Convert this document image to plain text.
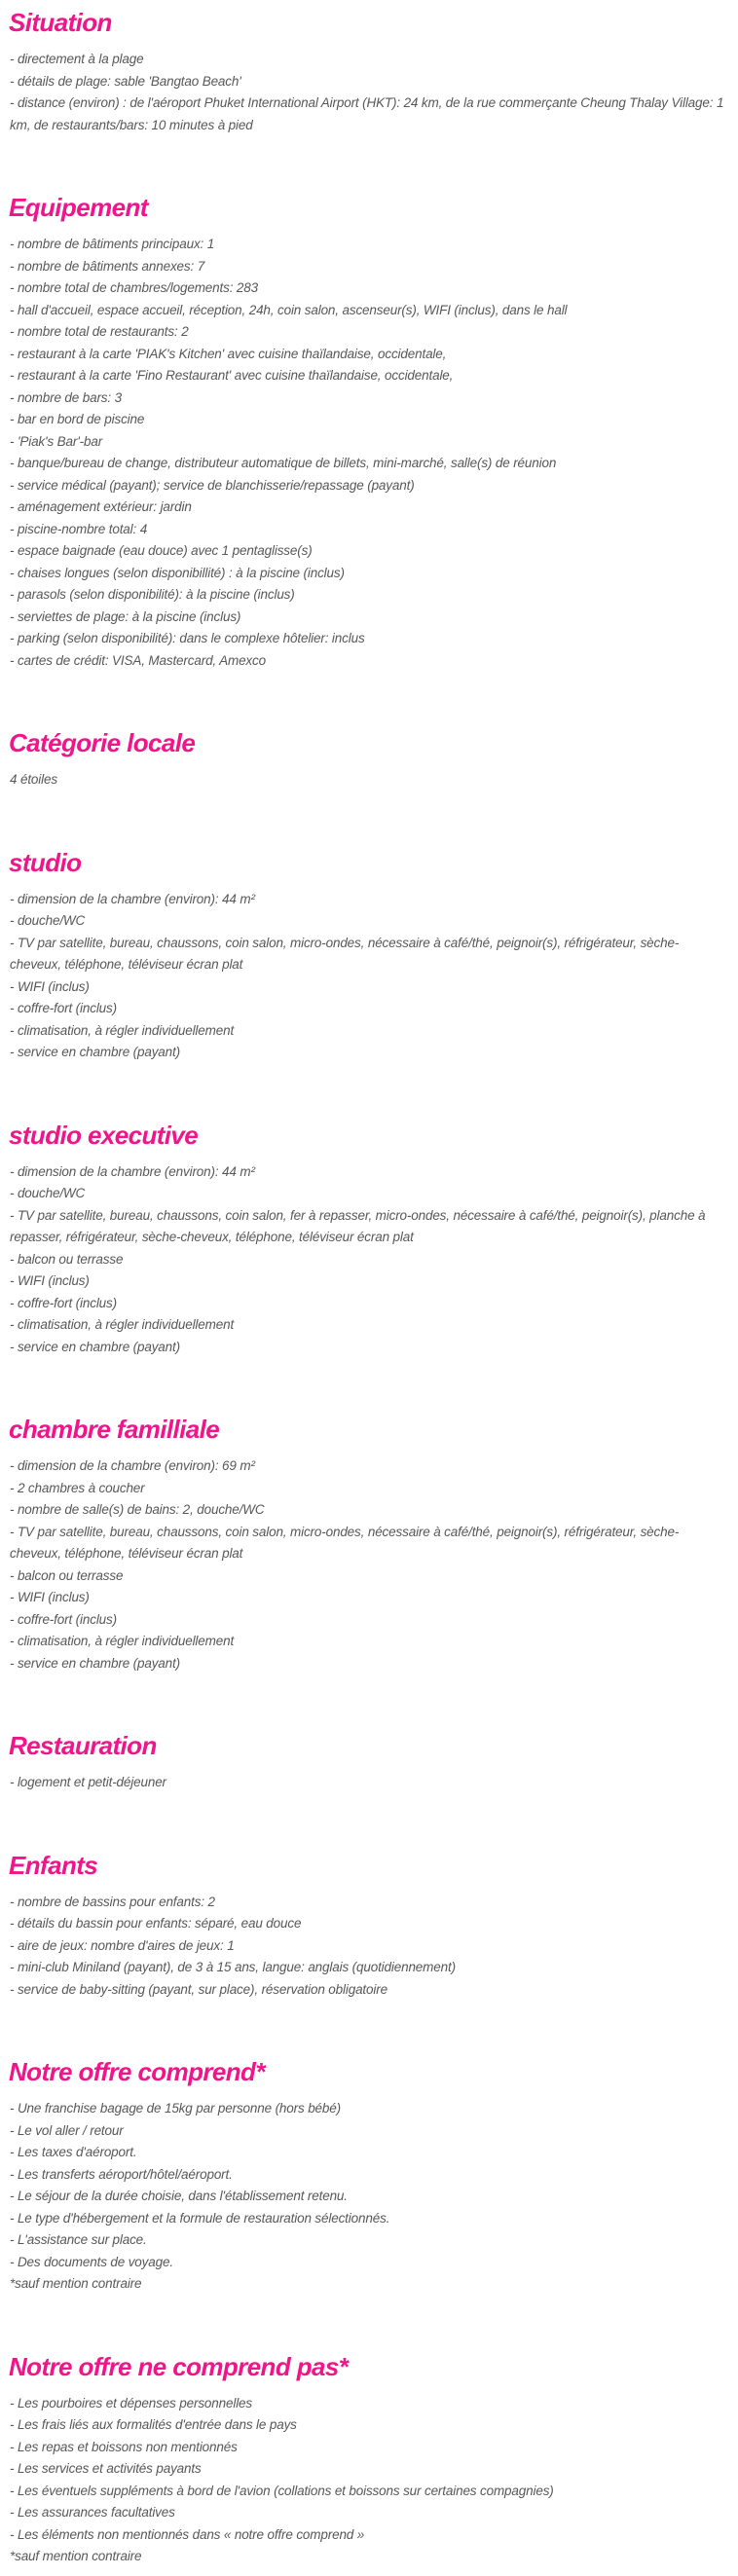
Situation

- directement à la plage

- détails de plage: sable 'Bangtao Beach'

- distance (environ) : de l'aéroport Phuket International Airport (HKT): 24 km, de la rue commerçante Cheung Thalay Village: 1 km, de restaurants/bars: 10 minutes à pied

Equipement

- nombre de bâtiments principaux: 1

- nombre de bâtiments annexes: 7

- nombre total de chambres/logements: 283

- hall d'accueil, espace accueil, réception, 24h, coin salon, ascenseur(s), WIFI (inclus), dans le hall

- nombre total de restaurants: 2

- restaurant à la carte 'PIAK's Kitchen' avec cuisine thaïlandaise, occidentale,

- restaurant à la carte 'Fino Restaurant' avec cuisine thaïlandaise, occidentale,

- nombre de bars: 3

- bar en bord de piscine

- 'Piak's Bar'-bar

- banque/bureau de change, distributeur automatique de billets, mini-marché, salle(s) de réunion

- service médical (payant); service de blanchisserie/repassage (payant)

- aménagement extérieur: jardin

- piscine-nombre total: 4

- espace baignade (eau douce) avec 1 pentaglisse(s)

- chaises longues (selon disponibillité) : à la piscine (inclus)

- parasols (selon disponibilité): à la piscine (inclus)

- serviettes de plage: à la piscine (inclus)

- parking (selon disponibilité): dans le complexe hôtelier: inclus

- cartes de crédit: VISA, Mastercard, Amexco

Catégorie locale

4 étoiles

studio

- dimension de la chambre (environ): 44 m²

- douche/WC

- TV par satellite, bureau, chaussons, coin salon, micro-ondes, nécessaire à café/thé, peignoir(s), réfrigérateur, sèche-cheveux, téléphone, téléviseur écran plat

- WIFI (inclus)

- coffre-fort (inclus)

- climatisation, à régler individuellement

- service en chambre (payant)

studio executive

- dimension de la chambre (environ): 44 m²

- douche/WC

- TV par satellite, bureau, chaussons, coin salon, fer à repasser, micro-ondes, nécessaire à café/thé, peignoir(s), planche à repasser, réfrigérateur, sèche-cheveux, téléphone, téléviseur écran plat

- balcon ou terrasse

- WIFI (inclus)

- coffre-fort (inclus)

- climatisation, à régler individuellement

- service en chambre (payant)

chambre familliale

- dimension de la chambre (environ): 69 m²

- 2 chambres à coucher

- nombre de salle(s) de bains: 2, douche/WC

- TV par satellite, bureau, chaussons, coin salon, micro-ondes, nécessaire à café/thé, peignoir(s), réfrigérateur, sèche-cheveux, téléphone, téléviseur écran plat

- balcon ou terrasse

- WIFI (inclus)

- coffre-fort (inclus)

- climatisation, à régler individuellement

- service en chambre (payant)

Restauration

- logement et petit-déjeuner

Enfants

- nombre de bassins pour enfants: 2

- détails du bassin pour enfants: séparé, eau douce

- aire de jeux: nombre d'aires de jeux: 1

- mini-club Miniland (payant), de 3 à 15 ans, langue: anglais (quotidiennement)

- service de baby-sitting (payant, sur place), réservation obligatoire

Notre offre comprend*

- Une franchise bagage de 15kg par personne (hors bébé)

- Le vol aller / retour

- Les taxes d'aéroport.

- Les transferts aéroport/hôtel/aéroport.

- Le séjour de la durée choisie, dans l'établissement retenu.

- Le type d'hébergement et la formule de restauration sélectionnés.

- L'assistance sur place.

- Des documents de voyage.

*sauf mention contraire

Notre offre ne comprend pas*

- Les pourboires et dépenses personnelles

- Les frais liés aux formalités d'entrée dans le pays

- Les repas et boissons non mentionnés

- Les services et activités payants

- Les éventuels suppléments à bord de l'avion (collations et boissons sur certaines compagnies)

- Les assurances facultatives

- Les éléments non mentionnés dans « notre offre comprend »

*sauf mention contraire
